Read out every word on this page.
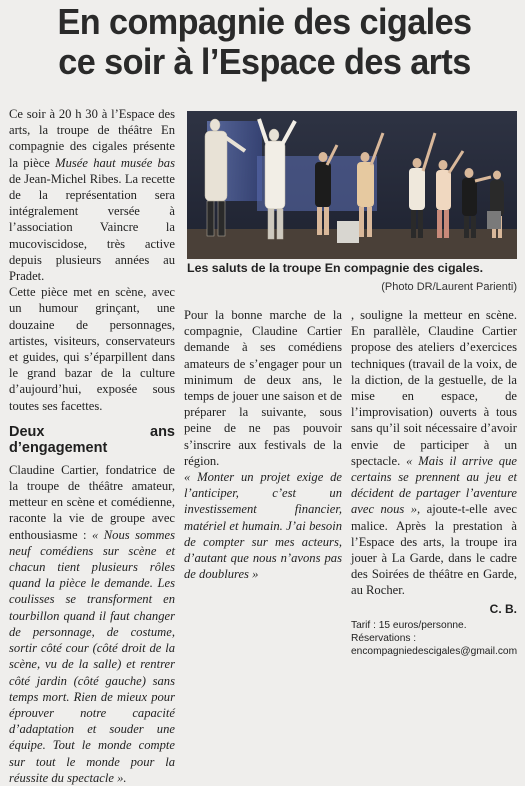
En compagnie des cigales
ce soir à l’Espace des arts

Ce soir à 20 h 30 à l’Espace des arts, la troupe de théâtre En compagnie des cigales présente la pièce Musée haut musée bas de Jean-Michel Ribes. La recette de la représentation sera intégralement versée à l’association Vaincre la mucoviscidose, très active depuis plusieurs années au Pradet.

Cette pièce met en scène, avec un humour grinçant, une douzaine de personnages, artistes, visiteurs, conservateurs et guides, qui s’éparpillent dans le grand bazar de la culture d’aujourd’hui, exposée sous toutes ses facettes.

Deux ans d’engagement

Claudine Cartier, fondatrice de la troupe de théâtre amateur, metteur en scène et comédienne, raconte la vie de groupe avec enthousiasme : « Nous sommes neuf comédiens sur scène et chacun tient plusieurs rôles quand la pièce le demande. Les coulisses se transforment en tourbillon quand il faut changer de personnage, de costume, sortir côté cour (côté droit de la scène, vu de la salle) et rentrer côté jardin (côté gauche) sans temps mort. Rien de mieux pour éprouver notre capacité d’adaptation et souder une équipe. Tout le monde compte sur tout le monde pour la réussite du spectacle ».

Les saluts de la troupe En compagnie des cigales.
(Photo DR/Laurent Parienti)

Pour la bonne marche de la compagnie, Claudine Cartier demande à ses comédiens amateurs de s’engager pour un minimum de deux ans, le temps de jouer une saison et de préparer la suivante, sous peine de ne pas pouvoir s’inscrire aux festivals de la région.

« Monter un projet exige de l’anticiper, c’est un investissement financier, matériel et humain. J’ai besoin de compter sur mes acteurs, d’autant que nous n’avons pas de doublures »

, souligne la metteur en scène. En parallèle, Claudine Cartier propose des ateliers d’exercices techniques (travail de la voix, de la diction, de la gestuelle, de la mise en espace, de l’improvisation) ouverts à tous sans qu’il soit nécessaire d’avoir envie de participer à un spectacle. « Mais il arrive que certains se prennent au jeu et décident de partager l’aventure avec nous », ajoute-t-elle avec malice. Après la prestation à l’Espace des arts, la troupe ira jouer à La Garde, dans le cadre des Soirées de théâtre en Garde, au Rocher.

C. B.
Tarif : 15 euros/personne. Réservations : encompagniedescigales@gmail.com
